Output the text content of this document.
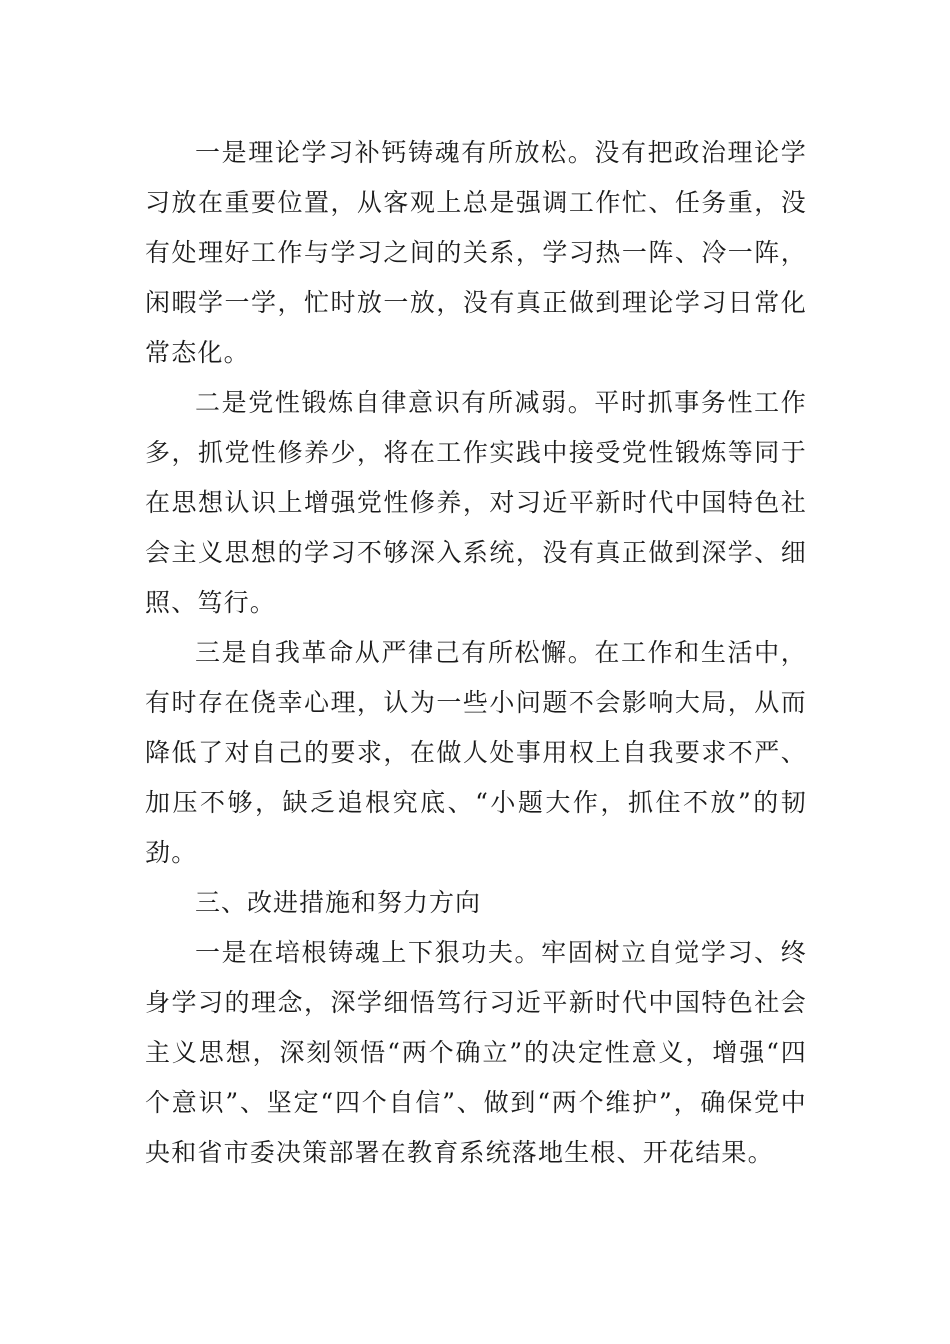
一是理论学习补钙铸魂有所放松。没有把政治理论学习放在重要位置，从客观上总是强调工作忙、任务重，没有处理好工作与学习之间的关系，学习热一阵、冷一阵，闲暇学一学，忙时放一放，没有真正做到理论学习日常化常态化。

二是党性锻炼自律意识有所减弱。平时抓事务性工作多，抓党性修养少，将在工作实践中接受党性锻炼等同于在思想认识上增强党性修养，对习近平新时代中国特色社会主义思想的学习不够深入系统，没有真正做到深学、细照、笃行。

三是自我革命从严律己有所松懈。在工作和生活中，有时存在侥幸心理，认为一些小问题不会影响大局，从而降低了对自己的要求，在做人处事用权上自我要求不严、加压不够，缺乏追根究底、“小题大作，抓住不放”的韧劲。

三、改进措施和努力方向

一是在培根铸魂上下狠功夫。牢固树立自觉学习、终身学习的理念，深学细悟笃行习近平新时代中国特色社会主义思想，深刻领悟“两个确立”的决定性意义，增强“四个意识”、坚定“四个自信”、做到“两个维护”，确保党中央和省市委决策部署在教育系统落地生根、开花结果。
